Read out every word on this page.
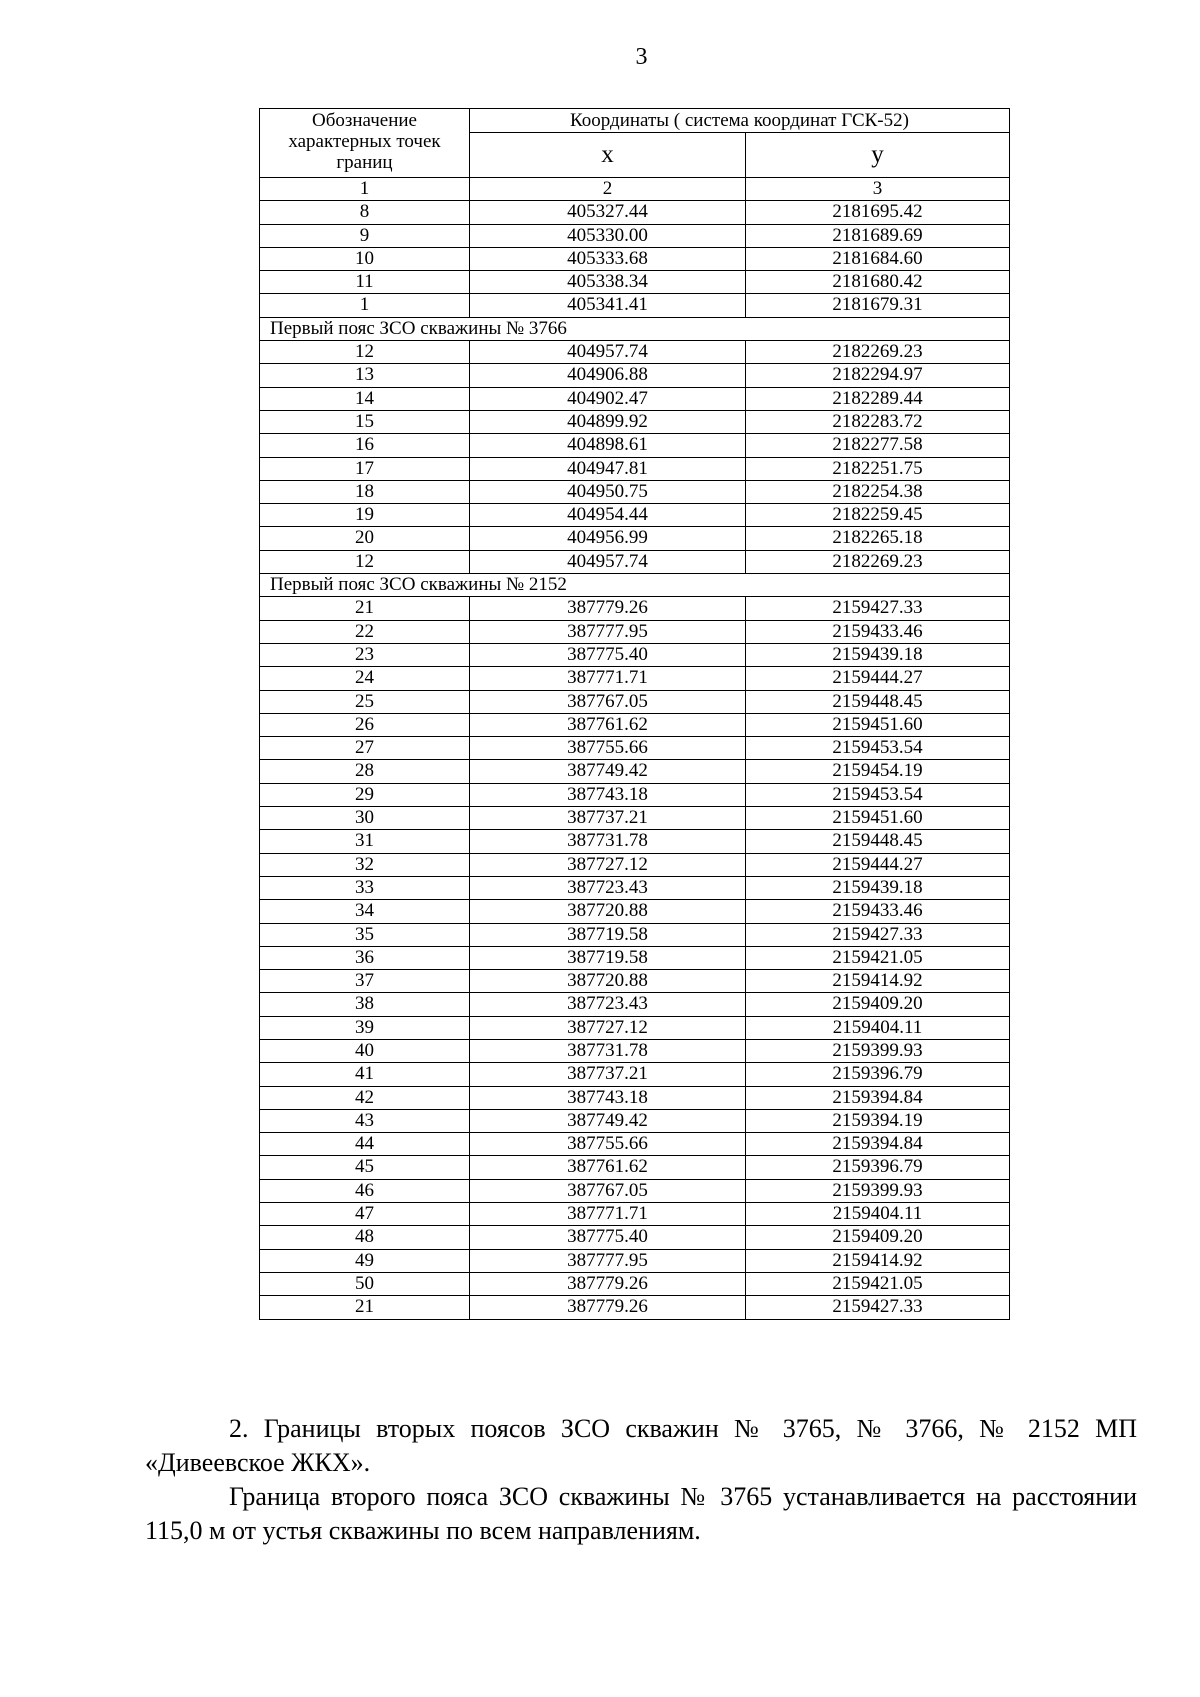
3
Обозначение характерных точек границ	Координаты ( система координат ГСК-52)	
	x	y
1	2	3
8	405327.44	2181695.42
9	405330.00	2181689.69
10	405333.68	2181684.60
11	405338.34	2181680.42
1	405341.41	2181679.31
Первый пояс ЗСО скважины № 3766		
12	404957.74	2182269.23
13	404906.88	2182294.97
14	404902.47	2182289.44
15	404899.92	2182283.72
16	404898.61	2182277.58
17	404947.81	2182251.75
18	404950.75	2182254.38
19	404954.44	2182259.45
20	404956.99	2182265.18
12	404957.74	2182269.23
Первый пояс ЗСО скважины № 2152		
21	387779.26	2159427.33
22	387777.95	2159433.46
23	387775.40	2159439.18
24	387771.71	2159444.27
25	387767.05	2159448.45
26	387761.62	2159451.60
27	387755.66	2159453.54
28	387749.42	2159454.19
29	387743.18	2159453.54
30	387737.21	2159451.60
31	387731.78	2159448.45
32	387727.12	2159444.27
33	387723.43	2159439.18
34	387720.88	2159433.46
35	387719.58	2159427.33
36	387719.58	2159421.05
37	387720.88	2159414.92
38	387723.43	2159409.20
39	387727.12	2159404.11
40	387731.78	2159399.93
41	387737.21	2159396.79
42	387743.18	2159394.84
43	387749.42	2159394.19
44	387755.66	2159394.84
45	387761.62	2159396.79
46	387767.05	2159399.93
47	387771.71	2159404.11
48	387775.40	2159409.20
49	387777.95	2159414.92
50	387779.26	2159421.05
21	387779.26	2159427.33
2. Границы вторых поясов ЗСО скважин № 3765, № 3766, № 2152 МП «Дивеевское ЖКХ».
Граница второго пояса ЗСО скважины № 3765 устанавливается на расстоянии 115,0 м от устья скважины по всем направлениям.
